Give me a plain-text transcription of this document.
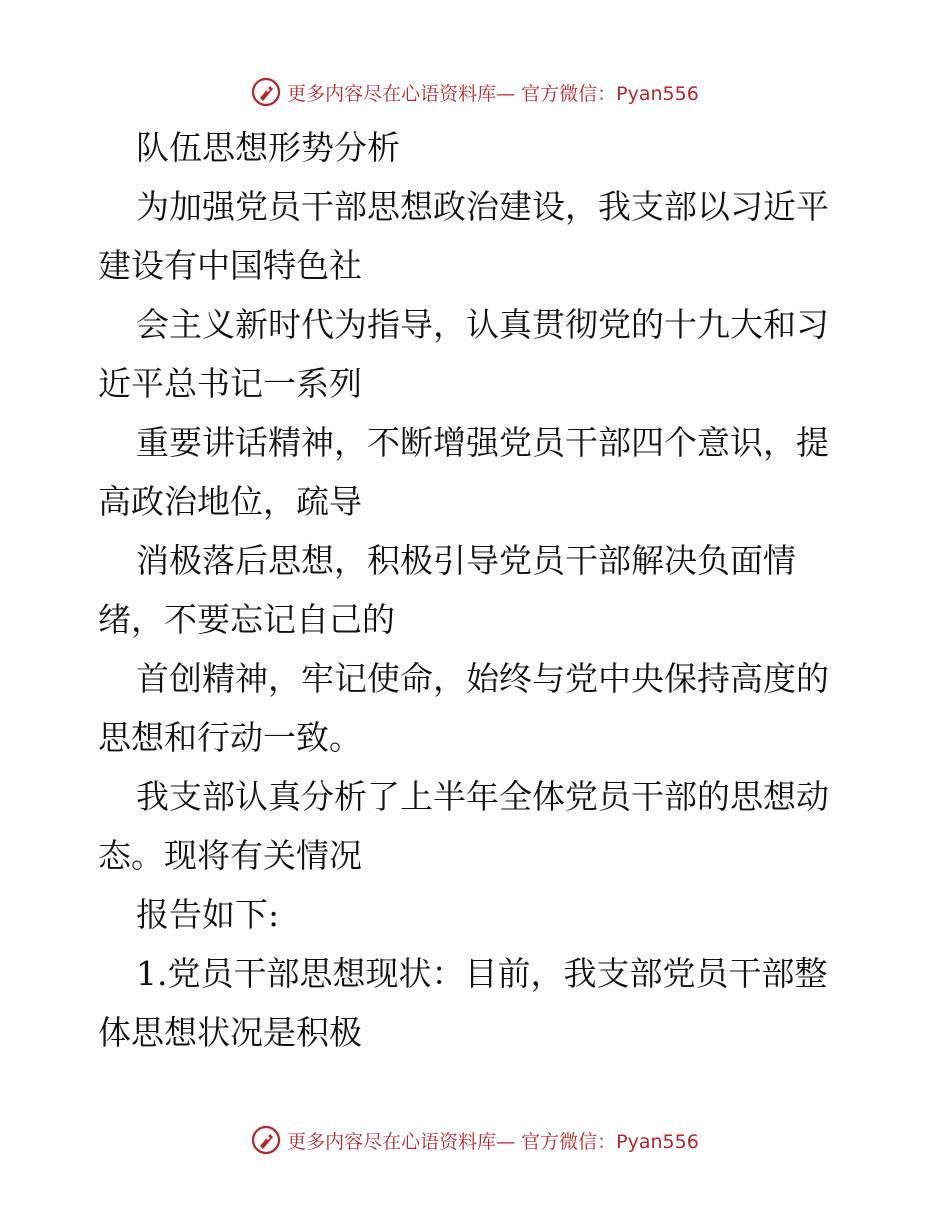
更多内容尽在心语资料库— 官方微信：Pyan556
队伍思想形势分析
为加强党员干部思想政治建设，我支部以习近平
建设有中国特色社
会主义新时代为指导，认真贯彻党的十九大和习
近平总书记一系列
重要讲话精神，不断增强党员干部四个意识，提
高政治地位，疏导
消极落后思想，积极引导党员干部解决负面情
绪，不要忘记自己的
首创精神，牢记使命，始终与党中央保持高度的
思想和行动一致。
我支部认真分析了上半年全体党员干部的思想动
态。现将有关情况
报告如下:
1.党员干部思想现状：目前，我支部党员干部整
体思想状况是积极
更多内容尽在心语资料库— 官方微信：Pyan556
